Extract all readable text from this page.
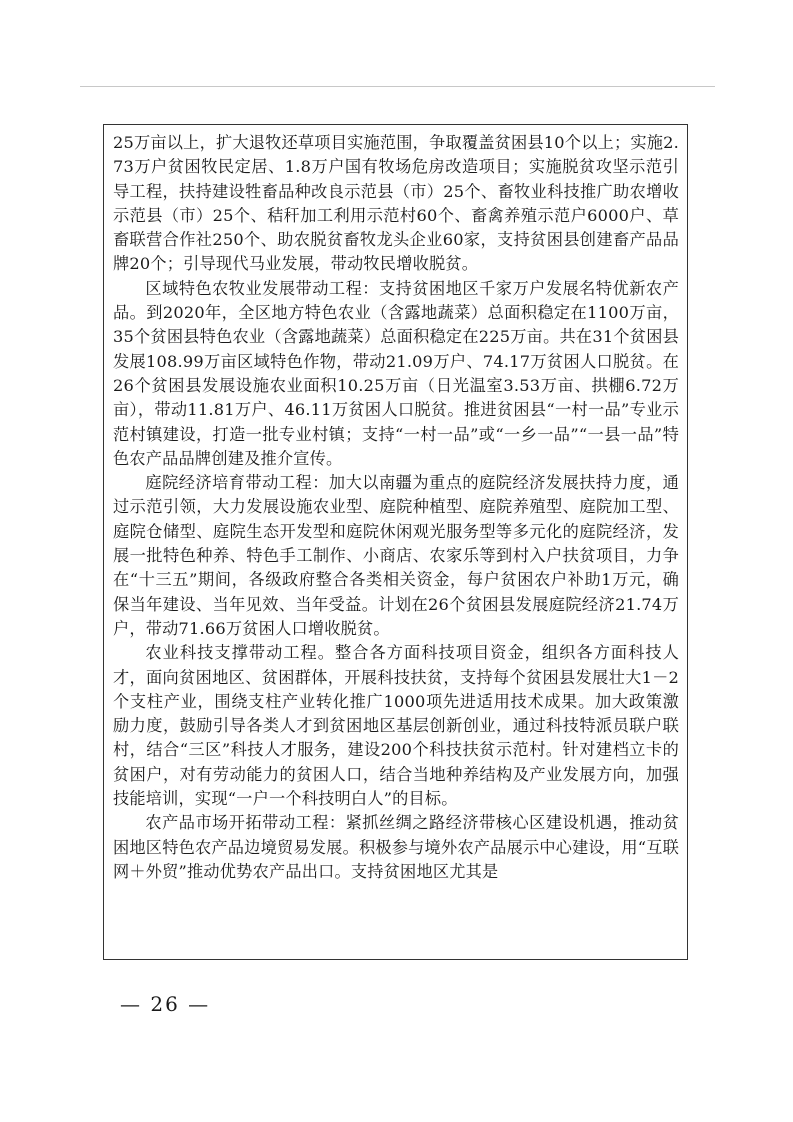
25万亩以上，扩大退牧还草项目实施范围，争取覆盖贫困县10个以上；实施2.73万户贫困牧民定居、1.8万户国有牧场危房改造项目；实施脱贫攻坚示范引导工程，扶持建设牲畜品种改良示范县（市）25个、畜牧业科技推广助农增收示范县（市）25个、秸秆加工利用示范村60个、畜禽养殖示范户6000户、草畜联营合作社250个、助农脱贫畜牧龙头企业60家，支持贫困县创建畜产品品牌20个；引导现代马业发展，带动牧民增收脱贫。

区域特色农牧业发展带动工程：支持贫困地区千家万户发展名特优新农产品。到2020年，全区地方特色农业（含露地蔬菜）总面积稳定在1100万亩，35个贫困县特色农业（含露地蔬菜）总面积稳定在225万亩。共在31个贫困县发展108.99万亩区域特色作物，带动21.09万户、74.17万贫困人口脱贫。在26个贫困县发展设施农业面积10.25万亩（日光温室3.53万亩、拱棚6.72万亩），带动11.81万户、46.11万贫困人口脱贫。推进贫困县“一村一品”专业示范村镇建设，打造一批专业村镇；支持“一村一品”或“一乡一品”“一县一品”特色农产品品牌创建及推介宣传。

庭院经济培育带动工程：加大以南疆为重点的庭院经济发展扶持力度，通过示范引领，大力发展设施农业型、庭院种植型、庭院养殖型、庭院加工型、庭院仓储型、庭院生态开发型和庭院休闲观光服务型等多元化的庭院经济，发展一批特色种养、特色手工制作、小商店、农家乐等到村入户扶贫项目，力争在“十三五”期间，各级政府整合各类相关资金，每户贫困农户补助1万元，确保当年建设、当年见效、当年受益。计划在26个贫困县发展庭院经济21.74万户，带动71.66万贫困人口增收脱贫。

农业科技支撑带动工程。整合各方面科技项目资金，组织各方面科技人才，面向贫困地区、贫困群体，开展科技扶贫，支持每个贫困县发展壮大1－2个支柱产业，围绕支柱产业转化推广1000项先进适用技术成果。加大政策激励力度，鼓励引导各类人才到贫困地区基层创新创业，通过科技特派员联户联村，结合“三区”科技人才服务，建设200个科技扶贫示范村。针对建档立卡的贫困户，对有劳动能力的贫困人口，结合当地种养结构及产业发展方向，加强技能培训，实现“一户一个科技明白人”的目标。

农产品市场开拓带动工程：紧抓丝绸之路经济带核心区建设机遇，推动贫困地区特色农产品边境贸易发展。积极参与境外农产品展示中心建设，用“互联网＋外贸”推动优势农产品出口。支持贫困地区尤其是

— 26 —
